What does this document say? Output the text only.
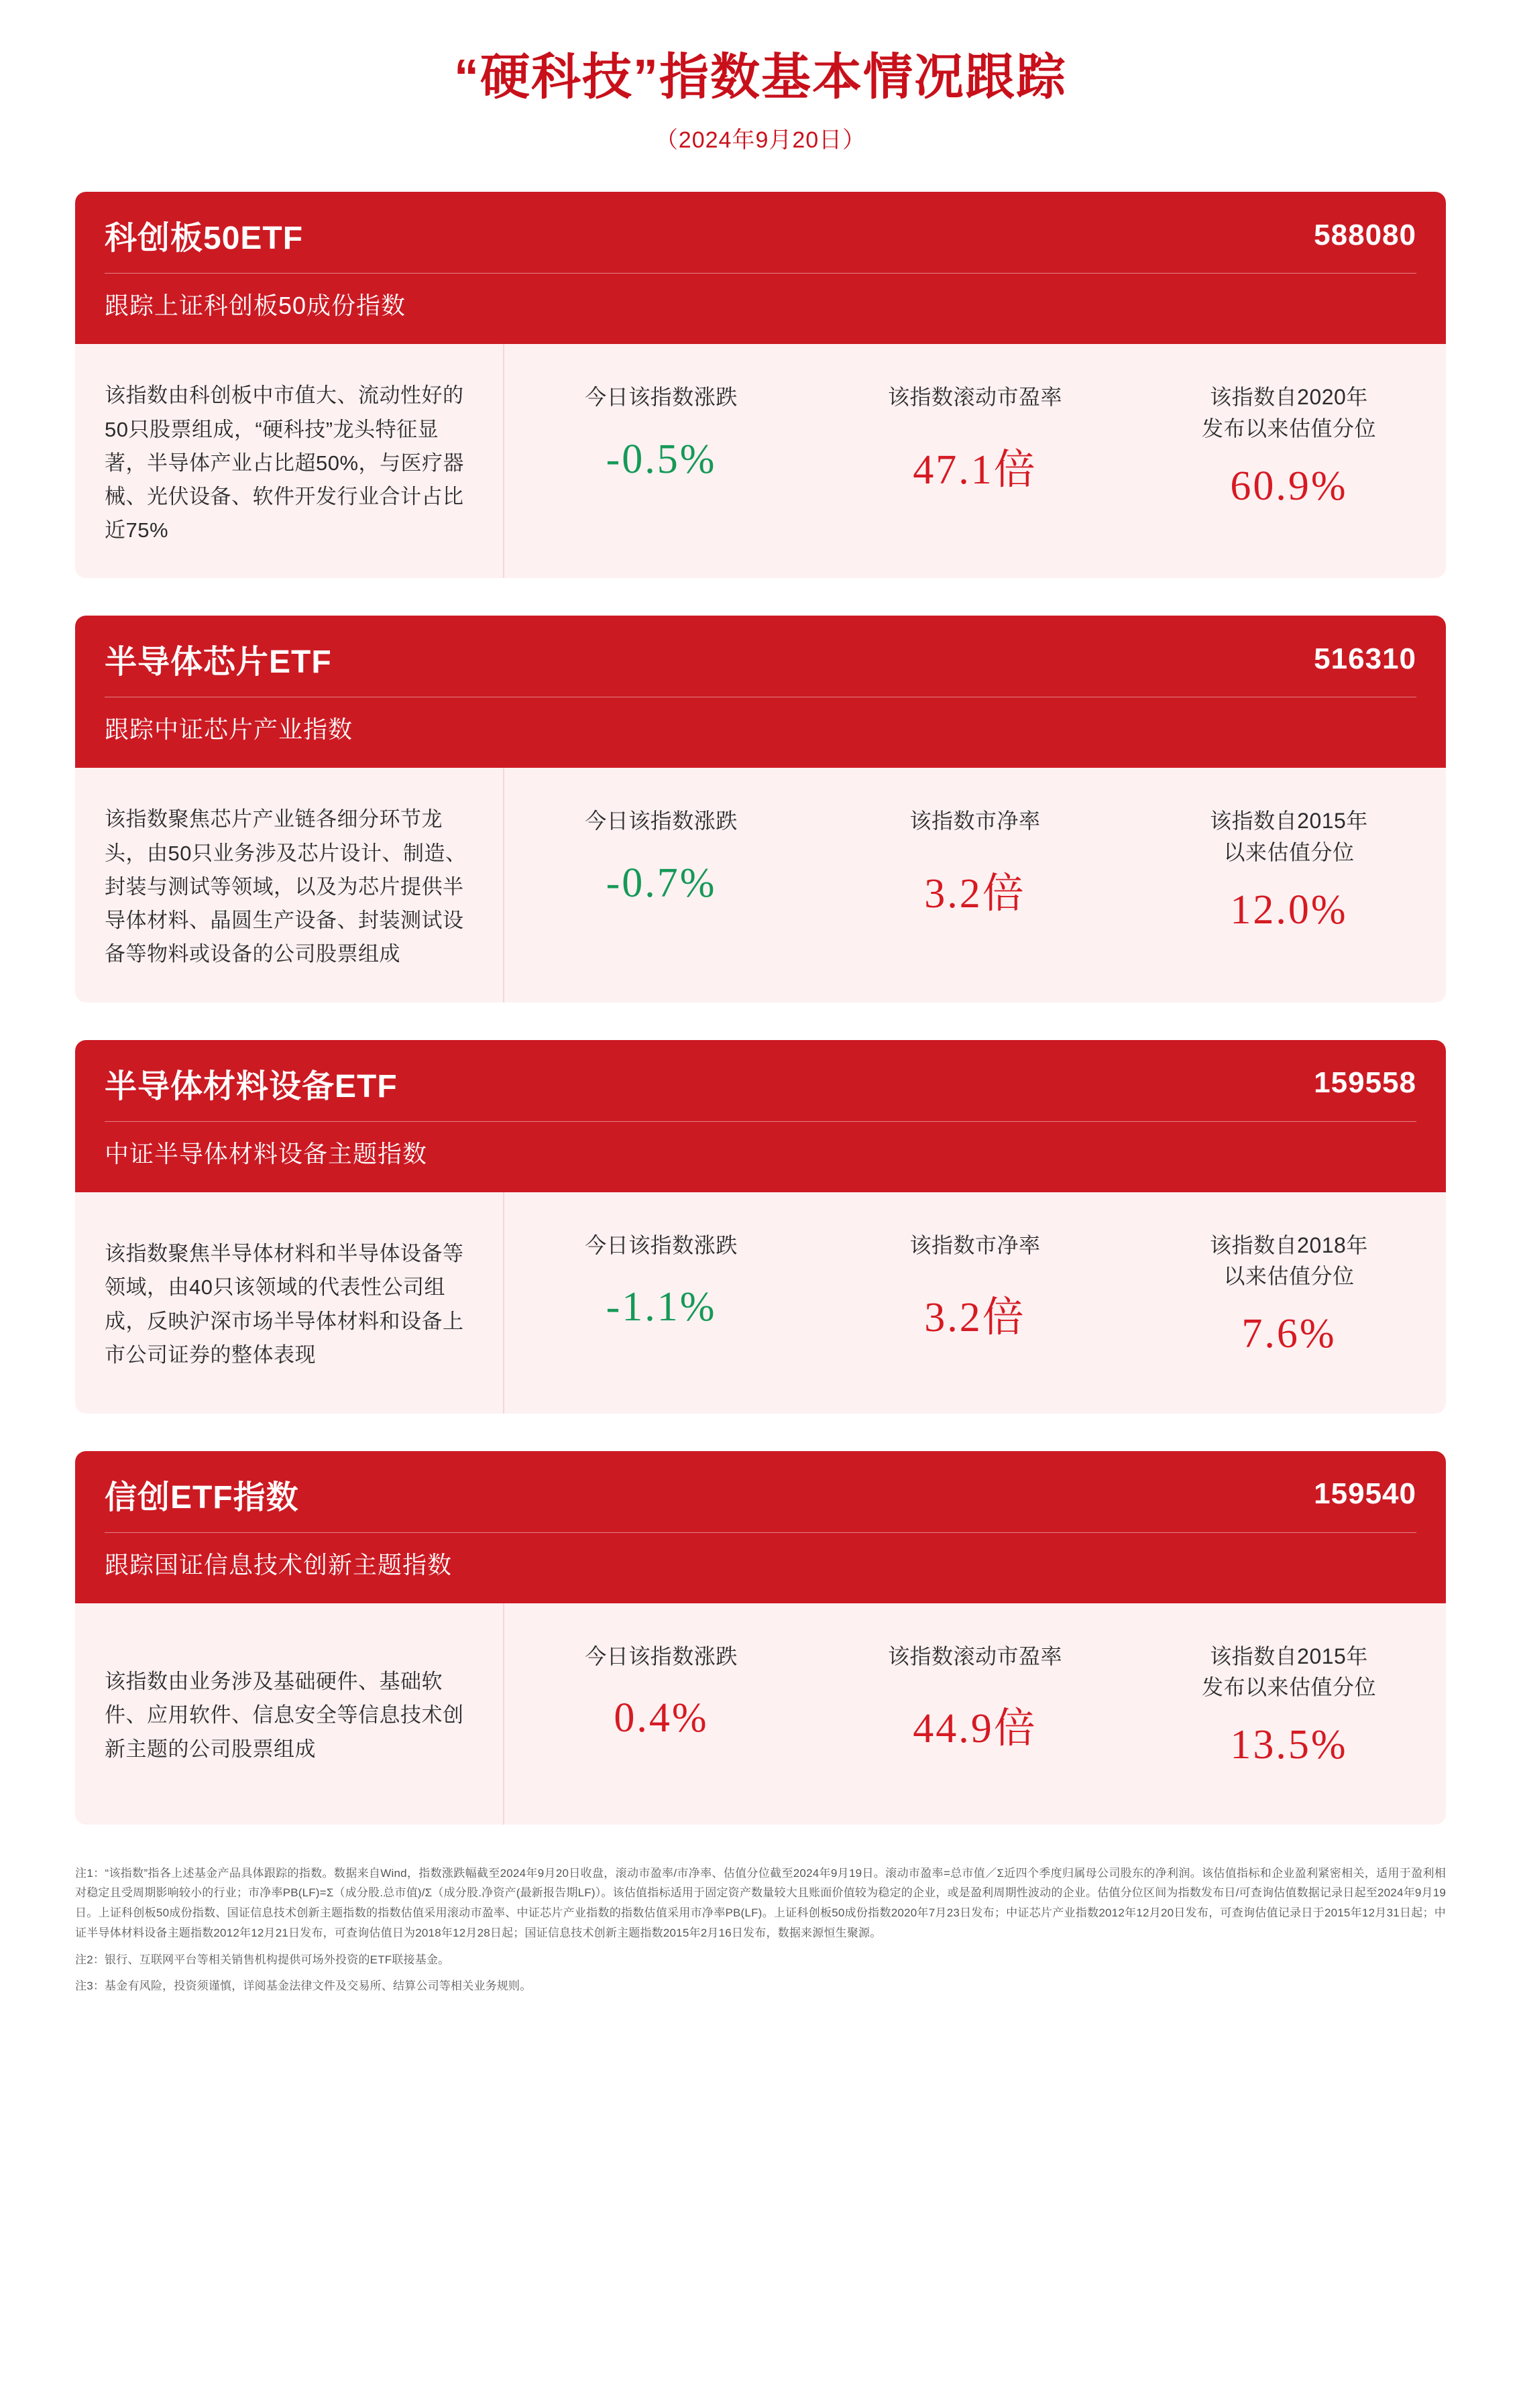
“硬科技”指数基本情况跟踪
（2024年9月20日）
科创板50ETF	588080
跟踪上证科创板50成份指数
该指数由科创板中市值大、流动性好的50只股票组成，“硬科技”龙头特征显著，半导体产业占比超50%，与医疗器械、光伏设备、软件开发行业合计占比近75%
今日该指数涨跌
-0.5%
该指数滚动市盈率
47.1倍
该指数自2020年
发布以来估值分位
60.9%
半导体芯片ETF	516310
跟踪中证芯片产业指数
该指数聚焦芯片产业链各细分环节龙头，由50只业务涉及芯片设计、制造、封装与测试等领域，以及为芯片提供半导体材料、晶圆生产设备、封装测试设备等物料或设备的公司股票组成
今日该指数涨跌
-0.7%
该指数市净率
3.2倍
该指数自2015年
以来估值分位
12.0%
半导体材料设备ETF	159558
中证半导体材料设备主题指数
该指数聚焦半导体材料和半导体设备等领域，由40只该领域的代表性公司组成，反映沪深市场半导体材料和设备上市公司证券的整体表现
今日该指数涨跌
-1.1%
该指数市净率
3.2倍
该指数自2018年
以来估值分位
7.6%
信创ETF指数	159540
跟踪国证信息技术创新主题指数
该指数由业务涉及基础硬件、基础软件、应用软件、信息安全等信息技术创新主题的公司股票组成
今日该指数涨跌
0.4%
该指数滚动市盈率
44.9倍
该指数自2015年
发布以来估值分位
13.5%
注1：“该指数”指各上述基金产品具体跟踪的指数。数据来自Wind，指数涨跌幅截至2024年9月20日收盘，滚动市盈率/市净率、估值分位截至2024年9月19日。滚动市盈率=总市值／Σ近四个季度归属母公司股东的净利润。该估值指标和企业盈利紧密相关，适用于盈利相对稳定且受周期影响较小的行业；市净率PB(LF)=Σ（成分股.总市值)/Σ（成分股.净资产(最新报告期LF)）。该估值指标适用于固定资产数量较大且账面价值较为稳定的企业，或是盈利周期性波动的企业。估值分位区间为指数发布日/可查询估值数据记录日起至2024年9月19日。上证科创板50成份指数、国证信息技术创新主题指数的指数估值采用滚动市盈率、中证芯片产业指数的指数估值采用市净率PB(LF)。上证科创板50成份指数2020年7月23日发布；中证芯片产业指数2012年12月20日发布，可查询估值记录日于2015年12月31日起；中证半导体材料设备主题指数2012年12月21日发布，可查询估值日为2018年12月28日起；国证信息技术创新主题指数2015年2月16日发布，数据来源恒生聚源。
注2：银行、互联网平台等相关销售机构提供可场外投资的ETF联接基金。
注3：基金有风险，投资须谨慎，详阅基金法律文件及交易所、结算公司等相关业务规则。
